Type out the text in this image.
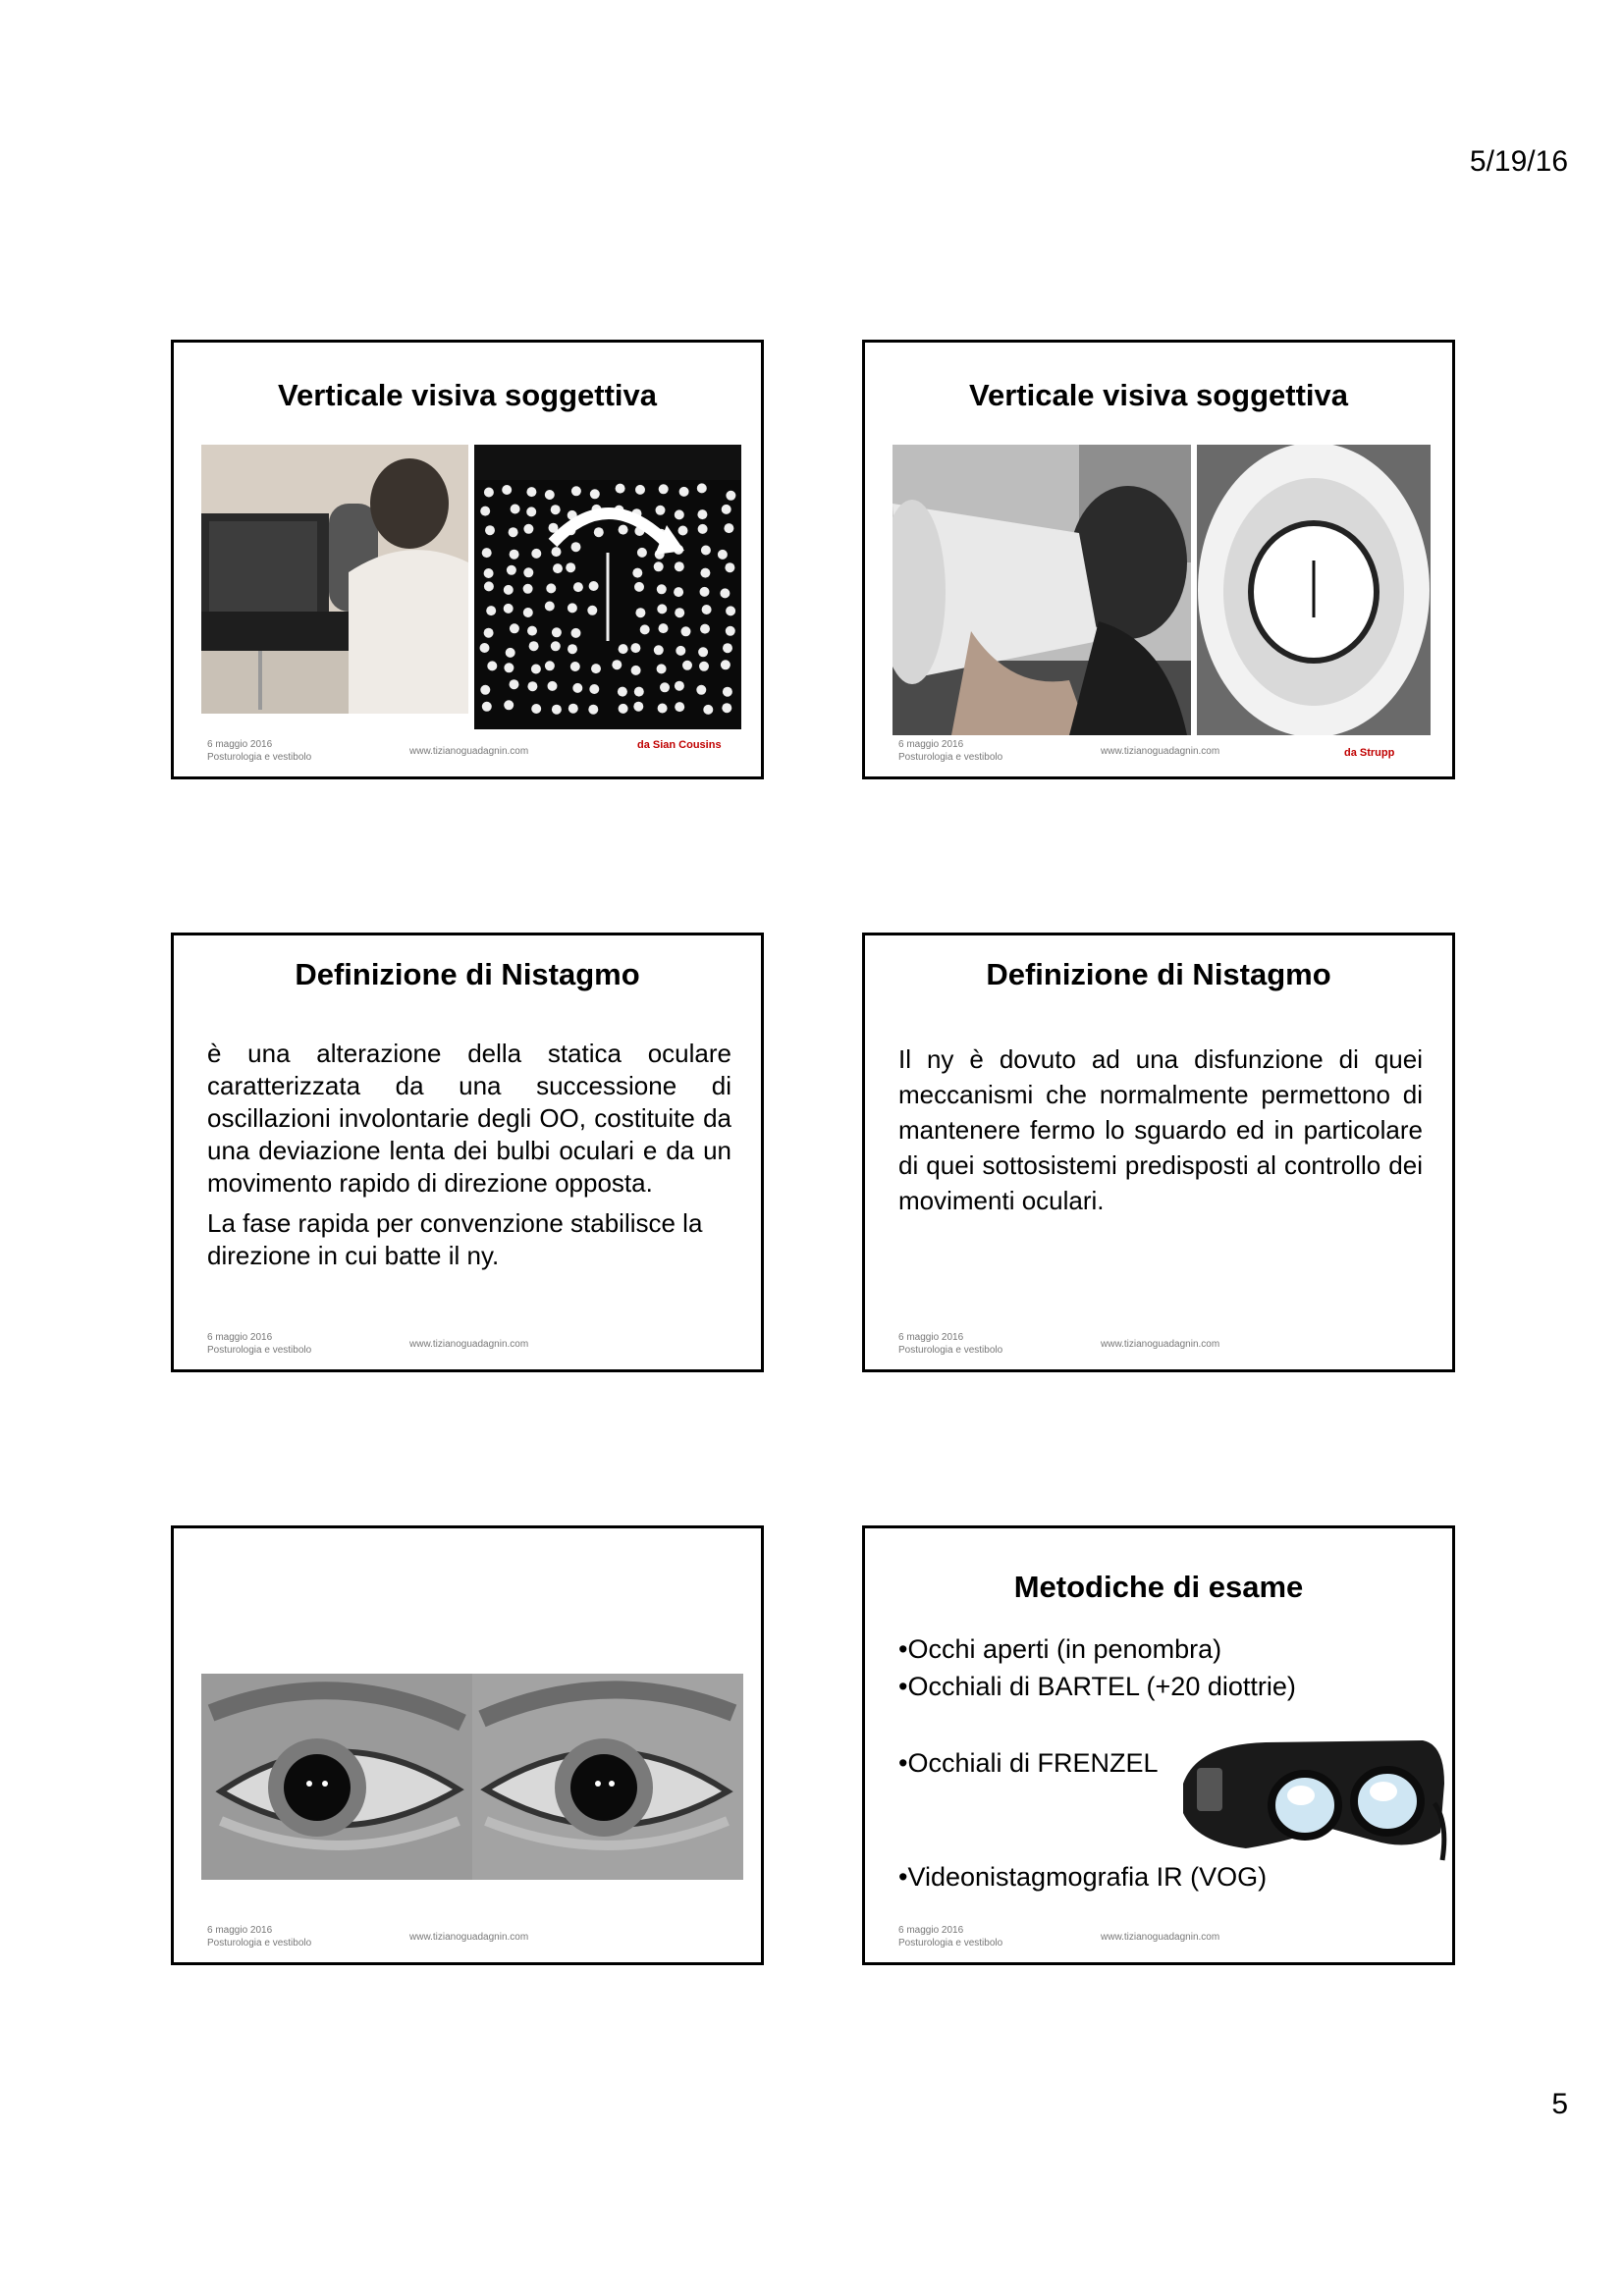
5/19/16
Verticale visiva soggettiva
da Sian Cousins
6 maggio 2016
Posturologia e vestibolo
www.tizianoguadagnin.com
Verticale visiva soggettiva
da Strupp
6 maggio 2016
Posturologia e vestibolo
www.tizianoguadagnin.com
Definizione di Nistagmo

è una alterazione della statica oculare caratterizzata da una successione di oscillazioni involontarie degli OO, costituite da una deviazione lenta dei bulbi oculari e da un movimento rapido di direzione opposta.

La fase rapida per convenzione stabilisce la direzione in cui batte il ny.

6 maggio 2016
Posturologia e vestibolo
www.tizianoguadagnin.com
Definizione di Nistagmo

Il ny è dovuto ad una disfunzione di quei meccanismi che normalmente permettono di mantenere fermo lo sguardo ed in particolare di quei sottosistemi predisposti al controllo dei movimenti oculari.

6 maggio 2016
Posturologia e vestibolo
www.tizianoguadagnin.com
6 maggio 2016
Posturologia e vestibolo
www.tizianoguadagnin.com
Metodiche di esame
•Occhi aperti (in penombra)
•Occhiali di BARTEL (+20 diottrie)
•Occhiali di FRENZEL
•Videonistagmografia IR (VOG)
6 maggio 2016
Posturologia e vestibolo
www.tizianoguadagnin.com
5
